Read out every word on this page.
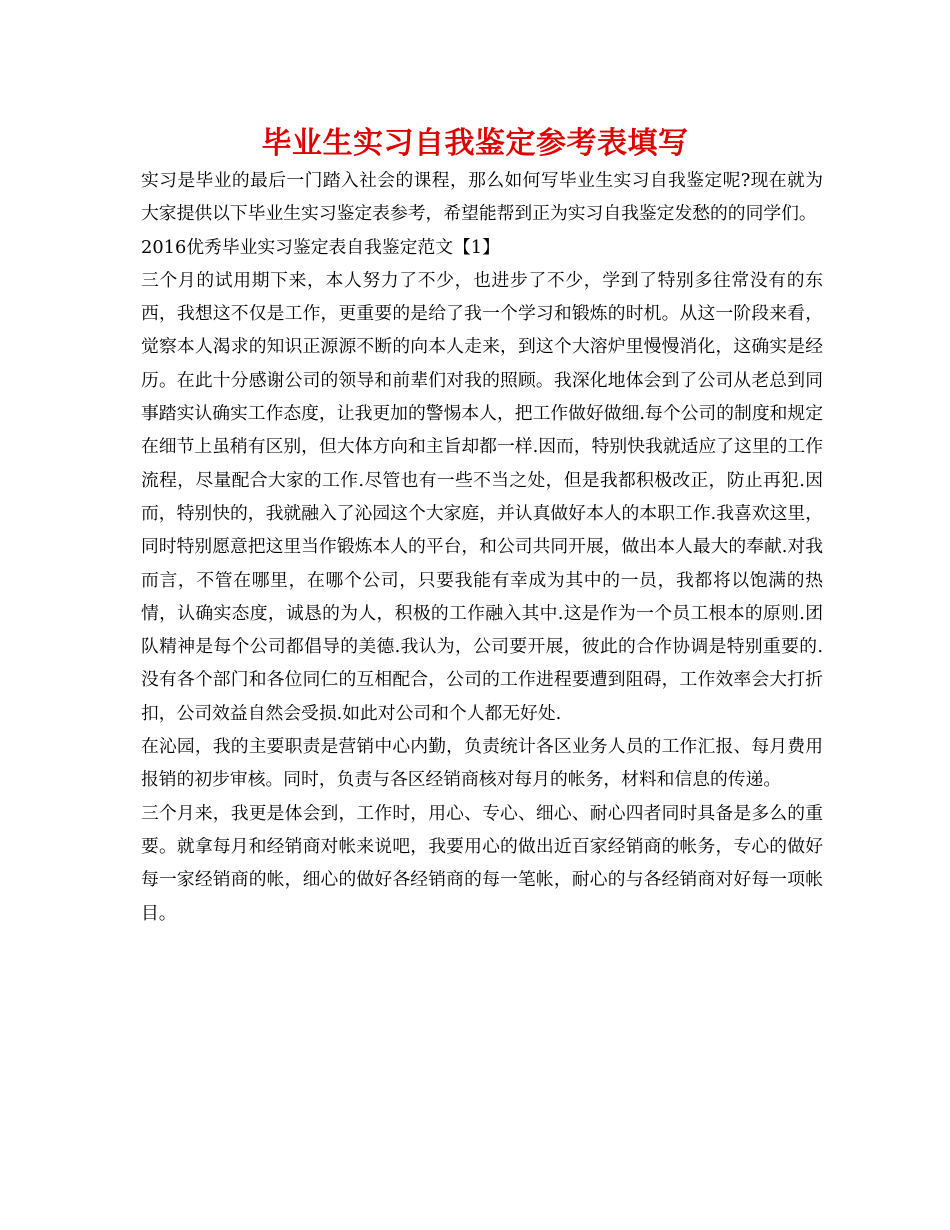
毕业生实习自我鉴定参考表填写

实习是毕业的最后一门踏入社会的课程，那么如何写毕业生实习自我鉴定呢?现在就为大家提供以下毕业生实习鉴定表参考，希望能帮到正为实习自我鉴定发愁的的同学们。

2016优秀毕业实习鉴定表自我鉴定范文【1】

三个月的试用期下来，本人努力了不少，也进步了不少，学到了特别多往常没有的东西，我想这不仅是工作，更重要的是给了我一个学习和锻炼的时机。从这一阶段来看，觉察本人渴求的知识正源源不断的向本人走来，到这个大溶炉里慢慢消化，这确实是经历。在此十分感谢公司的领导和前辈们对我的照顾。我深化地体会到了公司从老总到同事踏实认确实工作态度，让我更加的警惕本人，把工作做好做细.每个公司的制度和规定在细节上虽稍有区别，但大体方向和主旨却都一样.因而，特别快我就适应了这里的工作流程，尽量配合大家的工作.尽管也有一些不当之处，但是我都积极改正，防止再犯.因而，特别快的，我就融入了沁园这个大家庭，并认真做好本人的本职工作.我喜欢这里，同时特别愿意把这里当作锻炼本人的平台，和公司共同开展，做出本人最大的奉献.对我而言，不管在哪里，在哪个公司，只要我能有幸成为其中的一员，我都将以饱满的热情，认确实态度，诚恳的为人，积极的工作融入其中.这是作为一个员工根本的原则.团队精神是每个公司都倡导的美德.我认为，公司要开展，彼此的合作协调是特别重要的.没有各个部门和各位同仁的互相配合，公司的工作进程要遭到阻碍，工作效率会大打折扣，公司效益自然会受损.如此对公司和个人都无好处.

在沁园，我的主要职责是营销中心内勤，负责统计各区业务人员的工作汇报、每月费用报销的初步审核。同时，负责与各区经销商核对每月的帐务，材料和信息的传递。

三个月来，我更是体会到，工作时，用心、专心、细心、耐心四者同时具备是多么的重要。就拿每月和经销商对帐来说吧，我要用心的做出近百家经销商的帐务，专心的做好每一家经销商的帐，细心的做好各经销商的每一笔帐，耐心的与各经销商对好每一项帐目。
